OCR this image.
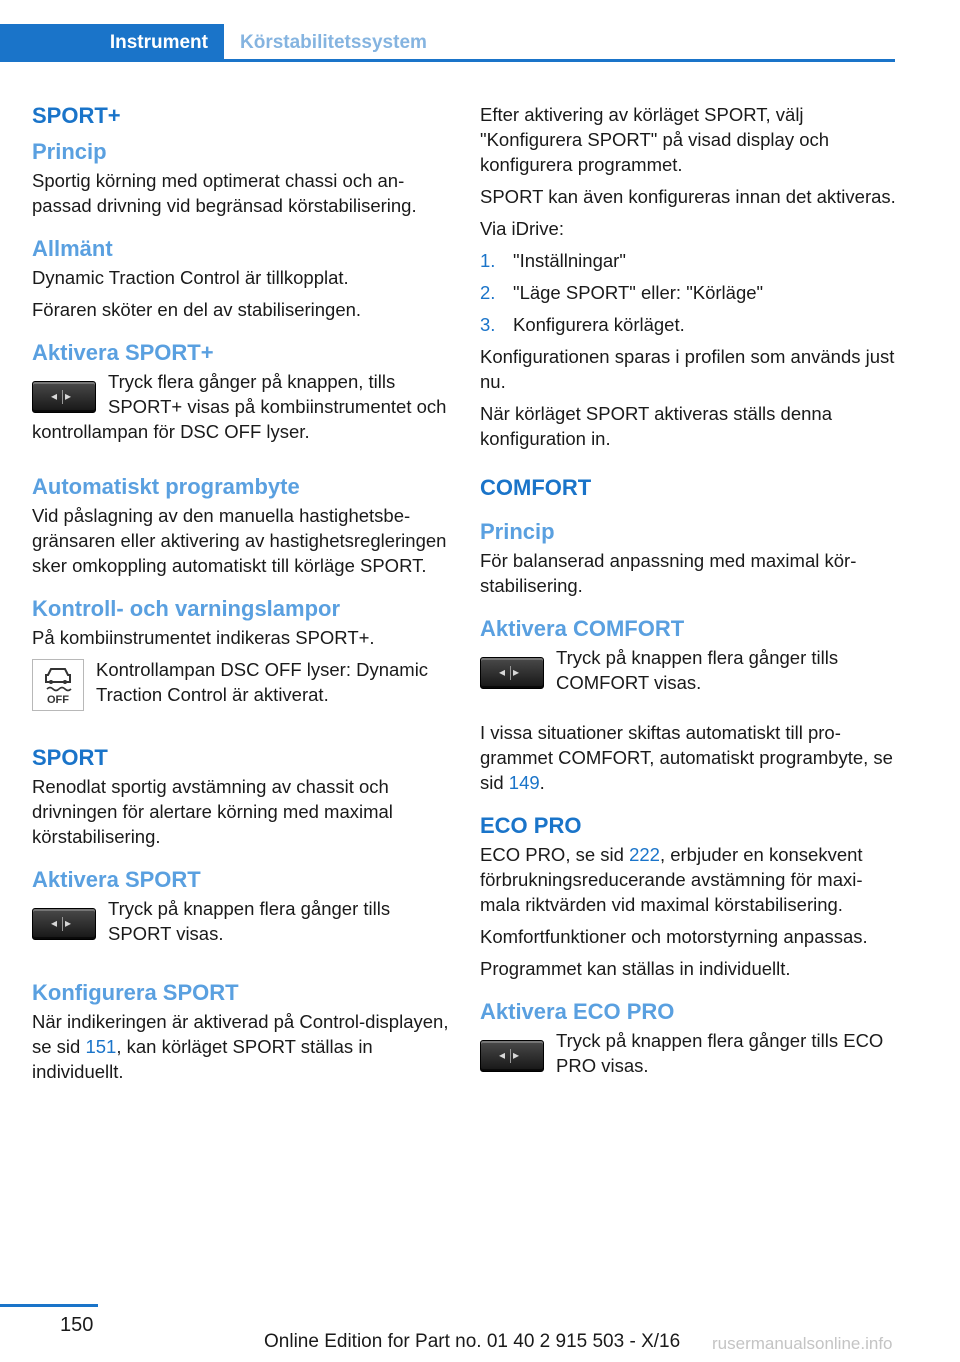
Instrument	Körstabilitetssystem
SPORT+
Princip

Sportig körning med optimerat chassi och anpassad drivning vid begränsad körstabilisering.

Allmänt

Dynamic Traction Control är tillkopplat.

Föraren sköter en del av stabiliseringen.

Aktivera SPORT+
◂ ▸

Tryck flera gånger på knappen, tills SPORT+ visas på kombiinstrumentet och kontrollampan för DSC OFF lyser.

Automatiskt programbyte

Vid påslagning av den manuella hastighetsbegränsaren eller aktivering av hastighetsregleringen sker omkoppling automatiskt till körläge SPORT.

Kontroll- och varningslampor

På kombiinstrumentet indikeras SPORT+.

OFF

Kontrollampan DSC OFF lyser: Dynamic Traction Control är aktiverat.

SPORT

Renodlat sportig avstämning av chassit och drivningen för alertare körning med maximal körstabilisering.

Aktivera SPORT
◂ ▸

Tryck på knappen flera gånger tills SPORT visas.

Konfigurera SPORT

När indikeringen är aktiverad på Control-displayen, se sid 151, kan körläget SPORT ställas in individuellt.

Efter aktivering av körläget SPORT, välj "Konfigurera SPORT" på visad display och konfigurera programmet.

SPORT kan även konfigureras innan det aktiveras.

Via iDrive:

1. "Inställningar"
2. "Läge SPORT" eller: "Körläge"
3. Konfigurera körläget.

Konfigurationen sparas i profilen som används just nu.

När körläget SPORT aktiveras ställs denna konfiguration in.

COMFORT
Princip

För balanserad anpassning med maximal körstabilisering.

Aktivera COMFORT
◂ ▸

Tryck på knappen flera gånger tills COMFORT visas.

I vissa situationer skiftas automatiskt till programmet COMFORT, automatiskt programbyte, se sid 149.

ECO PRO

ECO PRO, se sid 222, erbjuder en konsekvent förbrukningsreducerande avstämning för maximala riktvärden vid maximal körstabilisering.

Komfortfunktioner och motorstyrning anpassas.

Programmet kan ställas in individuellt.

Aktivera ECO PRO
◂ ▸

Tryck på knappen flera gånger tills ECO PRO visas.

150
Online Edition for Part no. 01 40 2 915 503 - X/16 rusermanualsonline.info
